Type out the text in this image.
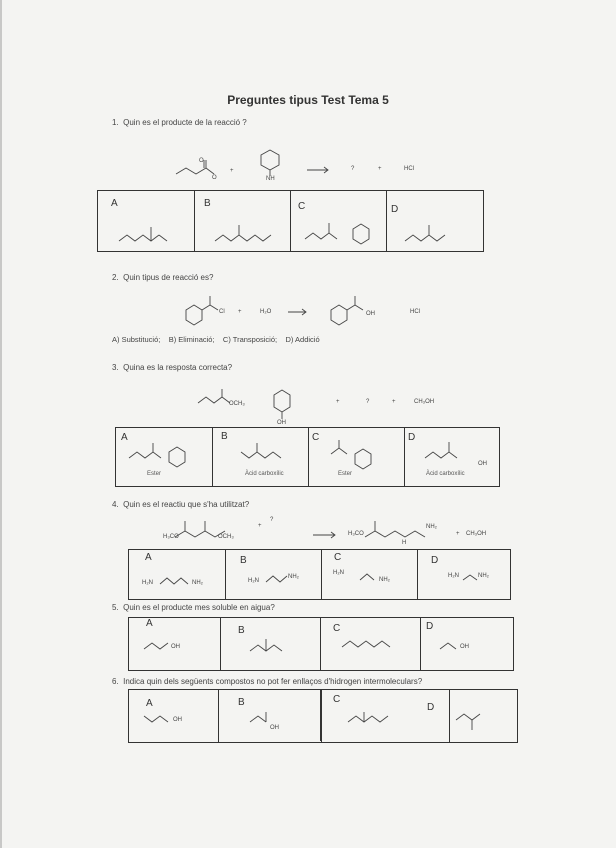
Preguntes tipus Test Tema 5
1. Quin es el producte de la reacció ?
O
O
+
NH
?	+	HCl
A	B	C	D
2. Quin tipus de reacció es?
Cl +	H₂O	OH	HCl
A) Substitució; B) Eliminació; C) Transposició; D) Addició
3. Quina es la resposta correcta?
OCH₃
OH
+	?	+	CH₃OH
A	B	C	D
OH
Ester	Àcid carboxílic	Ester	Àcid carboxílic
4. Quin es el reactiu que s'ha utilitzat?
H₃CO	OCH₃
+
?
H₃CO
NH₂
H
+ CH₃OH
A	B	C	D
H₂N	NH₂	H₂N
NH₂
H₂N
NH₂
H₂N	NH₂
5. Quin es el producte mes soluble en aigua?
A
B	C	D
OH	OH
6. Indica quin dels següents compostos no pot fer enllaços d'hidrogen intermoleculars?
A	B	C
D
OH
OH
